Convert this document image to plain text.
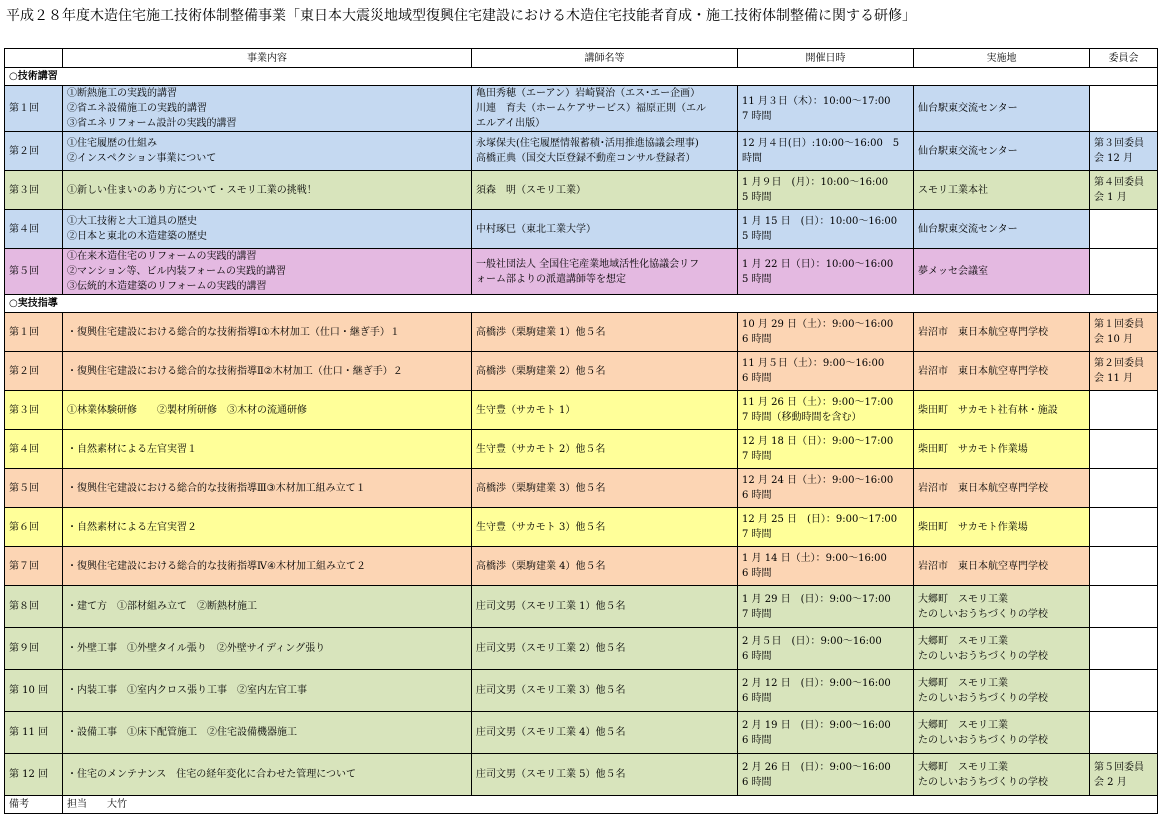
平成２８年度木造住宅施工技術体制整備事業「東日本大震災地域型復興住宅建設における木造住宅技能者育成・施工技術体制整備に関する研修」
	事業内容	講師名等	開催日時	実施地	委員会
○技術講習					
第１回	①断熱施工の実践的講習
②省エネ設備施工の実践的講習
③省エネリフォーム設計の実践的講習	亀田秀穂（エーアン）岩崎賢治（エス･エー企画）
川連　育夫（ホームケアサービス）福原正則（エル
エルアイ出版）	11 月３日（木）：10:00～17:00
7 時間	仙台駅東交流センター	

第２回	①住宅履歴の仕組み
②インスペクション事業について	永塚保夫(住宅履歴情報蓄積･活用推進協議会理事)
高橋正典（国交大臣登録不動産コンサル登録者）	12 月４日(日）:10:00～16:00　5
時間	仙台駅東交流センター	第３回委員
会 12 月

第３回	①新しい住まいのあり方について・スモリ工業の挑戦！	須森　明（スモリ工業）	1 月９日　(月）：10:00～16:00
5 時間	スモリ工業本社	第４回委員
会 1 月

第４回	①大工技術と大工道具の歴史
②日本と東北の木造建築の歴史	中村琢巳（東北工業大学）	1 月 15 日　(日）：10:00～16:00
5 時間	仙台駅東交流センター	

第５回	①在来木造住宅のリフォームの実践的講習
②マンション等、ビル内装フォームの実践的講習
③伝統的木造建築のリフォームの実践的講習	一般社団法人 全国住宅産業地域活性化協議会リフ
ォーム部よりの派遣講師等を想定	1 月 22 日（日）：10:00～16:00
5 時間	夢メッセ会議室	

○実技指導					
第１回	・復興住宅建設における総合的な技術指導Ⅰ①木材加工（仕口・継ぎ手）１	高橋渉（栗駒建業 1）他５名	10 月 29 日（土）：9:00～16:00
6 時間	岩沼市　東日本航空専門学校	第１回委員
会 10 月

第２回	・復興住宅建設における総合的な技術指導Ⅱ②木材加工（仕口・継ぎ手）２	高橋渉（栗駒建業 2）他５名	11 月５日（土）：9:00～16:00
6 時間	岩沼市　東日本航空専門学校	第２回委員
会 11 月

第３回	①林業体験研修　　②製材所研修　③木材の流通研修	生守豊（サカモト 1）	11 月 26 日（土）：9:00～17:00
7 時間（移動時間を含む）	柴田町　サカモト社有林・施設	

第４回	・自然素材による左官実習１	生守豊（サカモト 2）他５名	12 月 18 日（日）：9:00～17:00
7 時間	柴田町　サカモト作業場	

第５回	・復興住宅建設における総合的な技術指導Ⅲ③木材加工組み立て１	高橋渉（栗駒建業 3）他５名	12 月 24 日（土）：9:00～16:00
6 時間	岩沼市　東日本航空専門学校	

第６回	・自然素材による左官実習２	生守豊（サカモト 3）他５名	12 月 25 日　(日）：9:00～17:00
7 時間	柴田町　サカモト作業場	

第７回	・復興住宅建設における総合的な技術指導Ⅳ④木材加工組み立て２	高橋渉（栗駒建業 4）他５名	1 月 14 日（土）：9:00～16:00
6 時間	岩沼市　東日本航空専門学校	

第８回	・建て方　①部材組み立て　②断熱材施工	庄司文男（スモリ工業 1）他５名	1 月 29 日　(日）：9:00～17:00
7 時間	大郷町　スモリ工業
たのしいおうちづくりの学校	

第９回	・外壁工事　①外壁タイル張り　②外壁サイディング張り	庄司文男（スモリ工業 2）他５名	2 月５日　(日）：9:00～16:00
6 時間	大郷町　スモリ工業
たのしいおうちづくりの学校	

第 10 回	・内装工事　①室内クロス張り工事　②室内左官工事	庄司文男（スモリ工業 3）他５名	2 月 12 日　(日）：9:00～16:00
6 時間	大郷町　スモリ工業
たのしいおうちづくりの学校	

第 11 回	・設備工事　①床下配管施工　②住宅設備機器施工	庄司文男（スモリ工業 4）他５名	2 月 19 日　(日）：9:00～16:00
6 時間	大郷町　スモリ工業
たのしいおうちづくりの学校	

第 12 回	・住宅のメンテナンス　住宅の経年変化に合わせた管理について	庄司文男（スモリ工業 5）他５名	2 月 26 日　(日）：9:00～16:00
6 時間	大郷町　スモリ工業
たのしいおうちづくりの学校	第５回委員
会 2 月

備考	担当　　大竹				
